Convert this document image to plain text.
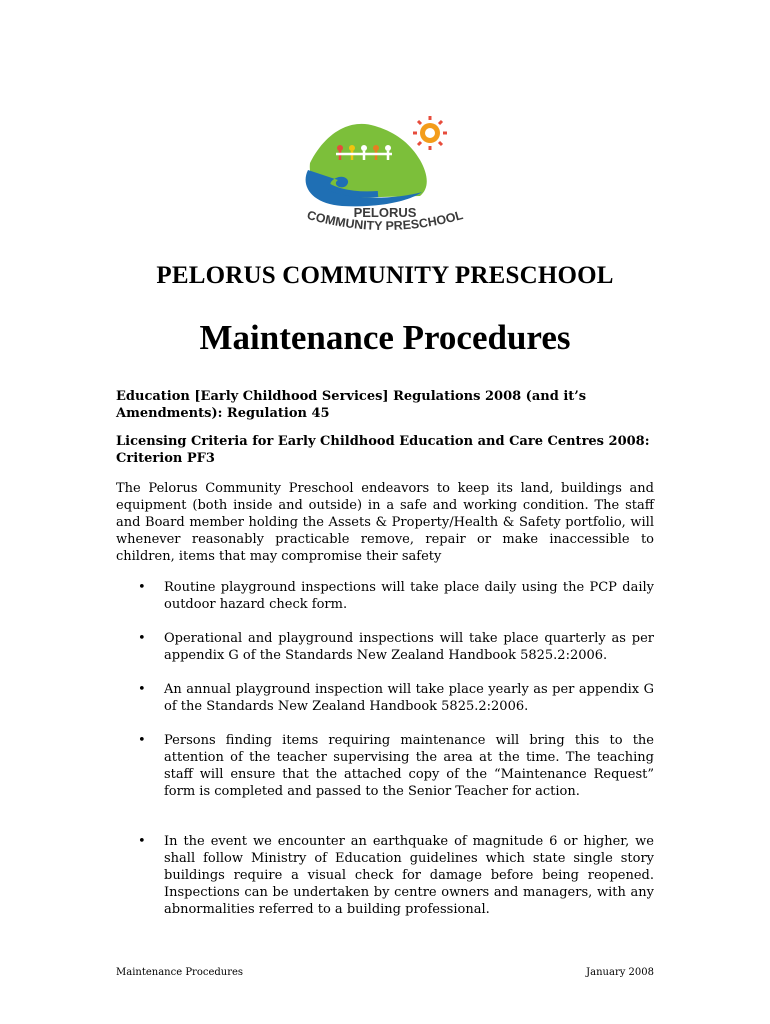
PELORUS
COMMUNITY PRESCHOOL
PELORUS COMMUNITY PRESCHOOL
Maintenance Procedures

Education [Early Childhood Services] Regulations 2008 (and it’s Amendments): Regulation 45

Licensing Criteria for Early Childhood Education and Care Centres 2008: Criterion PF3

The Pelorus Community Preschool endeavors to keep its land, buildings and equipment (both inside and outside) in a safe and working condition. The staff and Board member holding the Assets & Property/Health & Safety portfolio, will whenever reasonably practicable remove, repair or make inaccessible to children, items that may compromise their safety

• Routine playground inspections will take place daily using the PCP daily outdoor hazard check form.
• Operational and playground inspections will take place quarterly as per appendix G of the Standards New Zealand Handbook 5825.2:2006.
• An annual playground inspection will take place yearly as per appendix G of the Standards New Zealand Handbook 5825.2:2006.
• Persons finding items requiring maintenance will bring this to the attention of the teacher supervising the area at the time. The teaching staff will ensure that the attached copy of the “Maintenance Request” form is completed and passed to the Senior Teacher for action.
• In the event we encounter an earthquake of magnitude 6 or higher, we shall follow Ministry of Education guidelines which state single story buildings require a visual check for damage before being reopened. Inspections can be undertaken by centre owners and managers, with any abnormalities referred to a building professional.
Maintenance Procedures	January 2008
